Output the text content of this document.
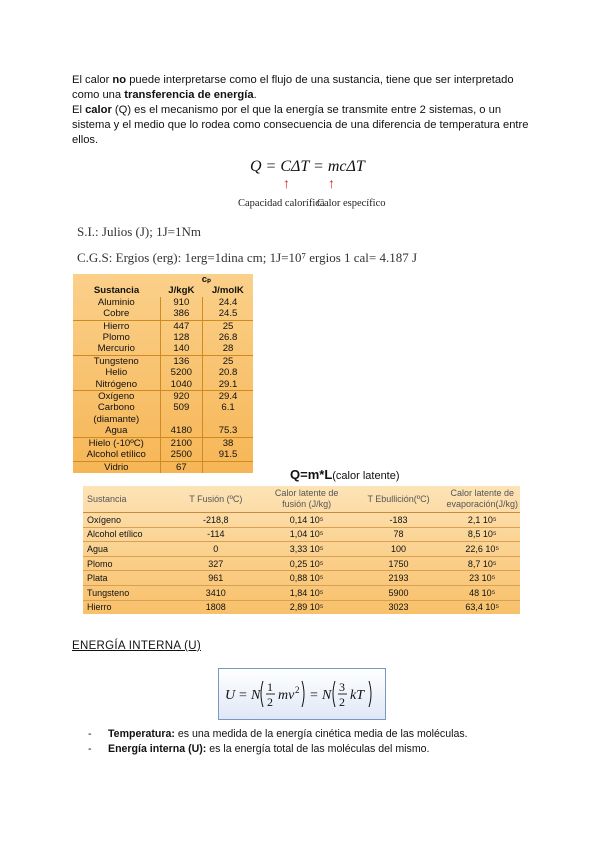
El calor no puede interpretarse como el flujo de una sustancia, tiene que ser interpretado
como una transferencia de energía.
El calor (Q) es el mecanismo por el que la energía se transmite entre 2 sistemas, o un
sistema y el medio que lo rodea como consecuencia de una diferencia de temperatura entre
ellos.
Q = CΔT = mcΔT
↑	↑
Capacidad calorífica
Calor específico
S.I.: Julios (J); 1J=1Nm
C.G.S: Ergios (erg): 1erg=1dina cm; 1J=10⁷ ergios 1 cal= 4.187 J
	cₚ	
Sustancia	J/kgK	J/molK
Aluminio	910	24.4
Cobre	386	24.5
Hierro	447	25
Plomo	128	26.8
Mercurio	140	28
Tungsteno	136	25
Helio	5200	20.8
Nitrógeno	1040	29.1
Oxígeno	920	29.4
Carbono	509	6.1
(diamante)		
Agua	4180	75.3
Hielo (-10ºC)	2100	38
Alcohol etílico	2500	91.5
Vidrio	67		Q=m*L(calor latente)
Sustancia	T Fusión (ºC)	Calor latente de fusión (J/kg)	T Ebullición(ºC)	Calor latente de evaporación(J/kg)
Oxígeno	-218,8	0,14 10⁵	-183	2,1 10⁵
Alcohol etílico	-114	1,04 10⁵	78	8,5 10⁵
Agua	0	3,33 10⁵	100	22,6 10⁵
Plomo	327	0,25 10⁵	1750	8,7 10⁵
Plata	961	0,88 10⁵	2193	23 10⁵
Tungsteno	3410	1,84 10⁵	5900	48 10⁵
Hierro	1808	2,89 10⁵	3023	63,4 10⁵
ENERGÍA INTERNA (U)
U = N
1
2 mv 2 = N
3
2 kT
- Temperatura: es una medida de la energía cinética media de las moléculas.
- Energía interna (U): es la energía total de las moléculas del mismo.
